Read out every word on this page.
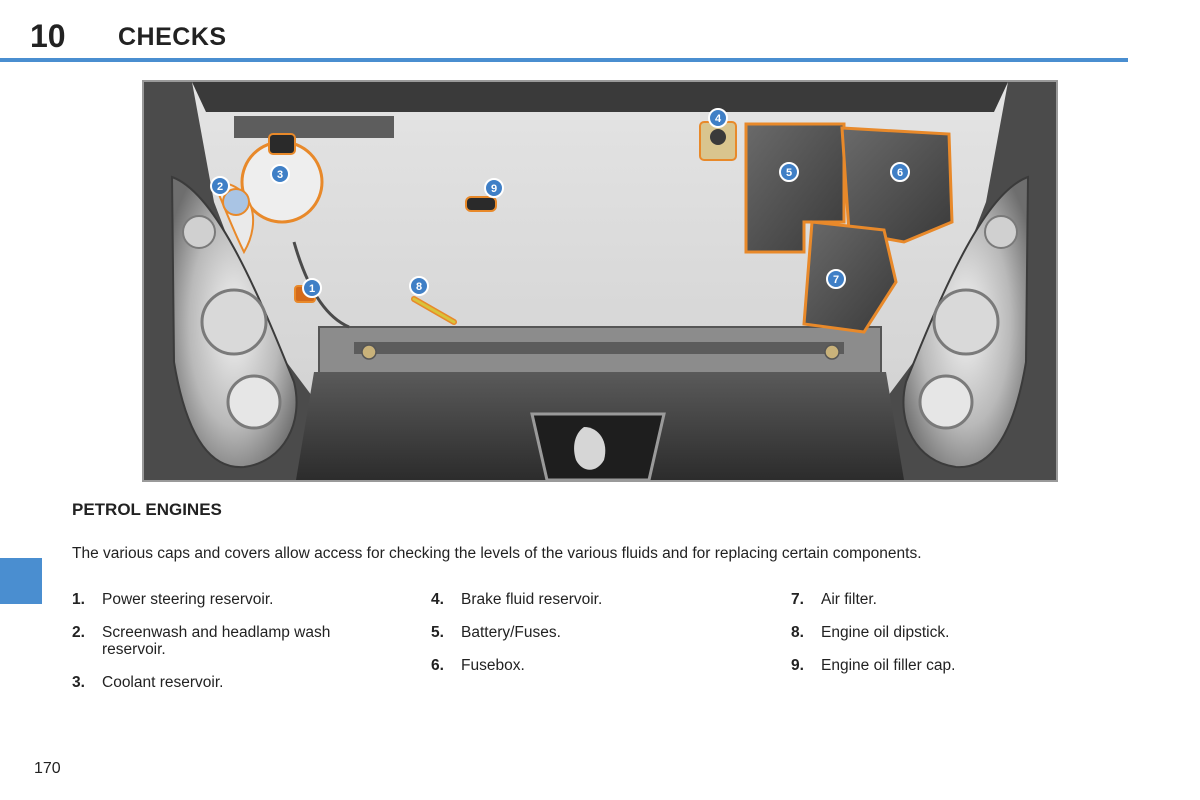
10 CHECKS
1
2
3
4
5	6
7
8
9
PETROL ENGINES
The various caps and covers allow access for checking the levels of the various fluids and for replacing certain components.
1.	Power steering reservoir.
2.	Screenwash and headlamp wash reservoir.
3.	Coolant reservoir.
4.	Brake fluid reservoir.
5.	Battery/Fuses.
6.	Fusebox.
7.	Air filter.
8.	Engine oil dipstick.
9.	Engine oil filler cap.
170
